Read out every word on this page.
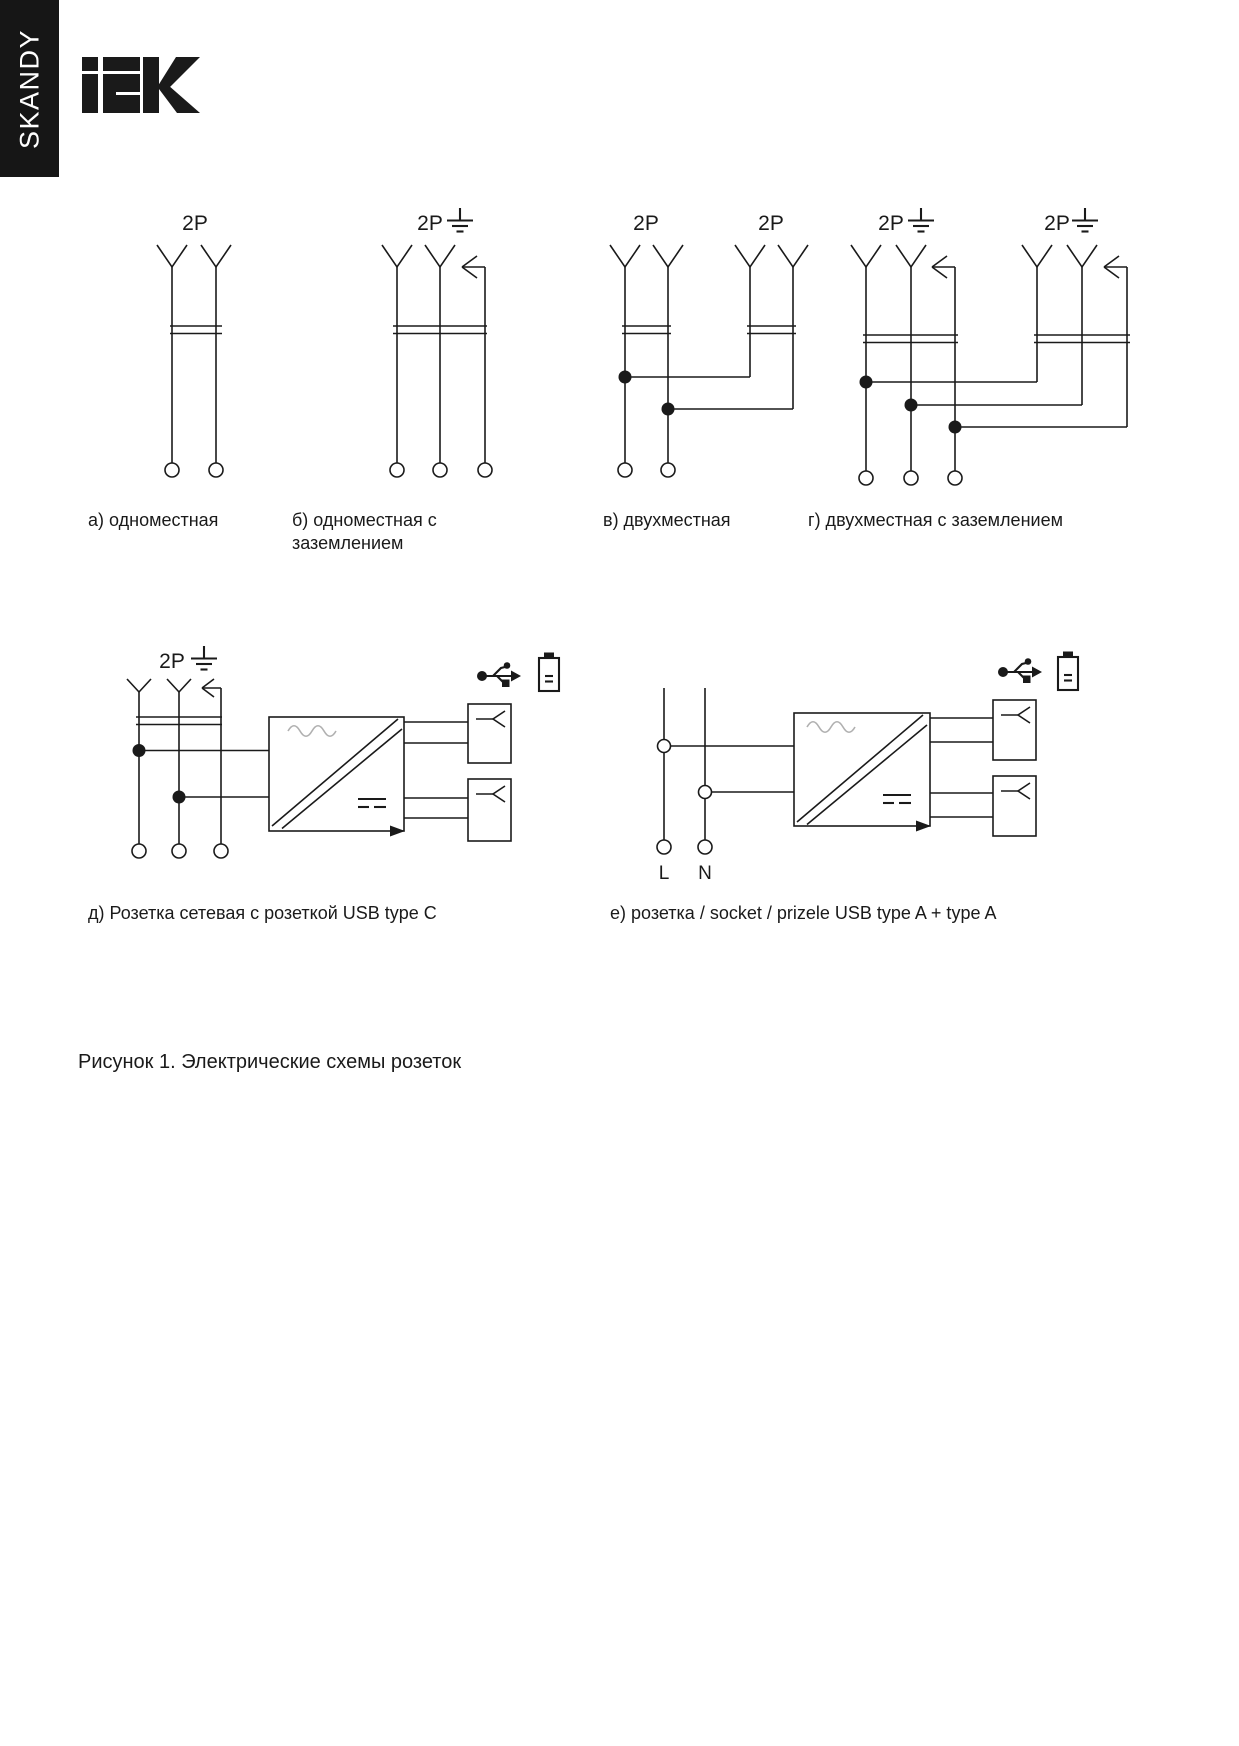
SKANDY
2P	2P	2P	2P	2P	2P
2P
L N
а) одноместная	б) одноместная с заземлением
в) двухместная	г) двухместная с заземлением
д) Розетка сетевая с розеткой USB type C	е) розетка / socket / prizele USB type A + type A
Рисунок 1. Электрические схемы розеток
